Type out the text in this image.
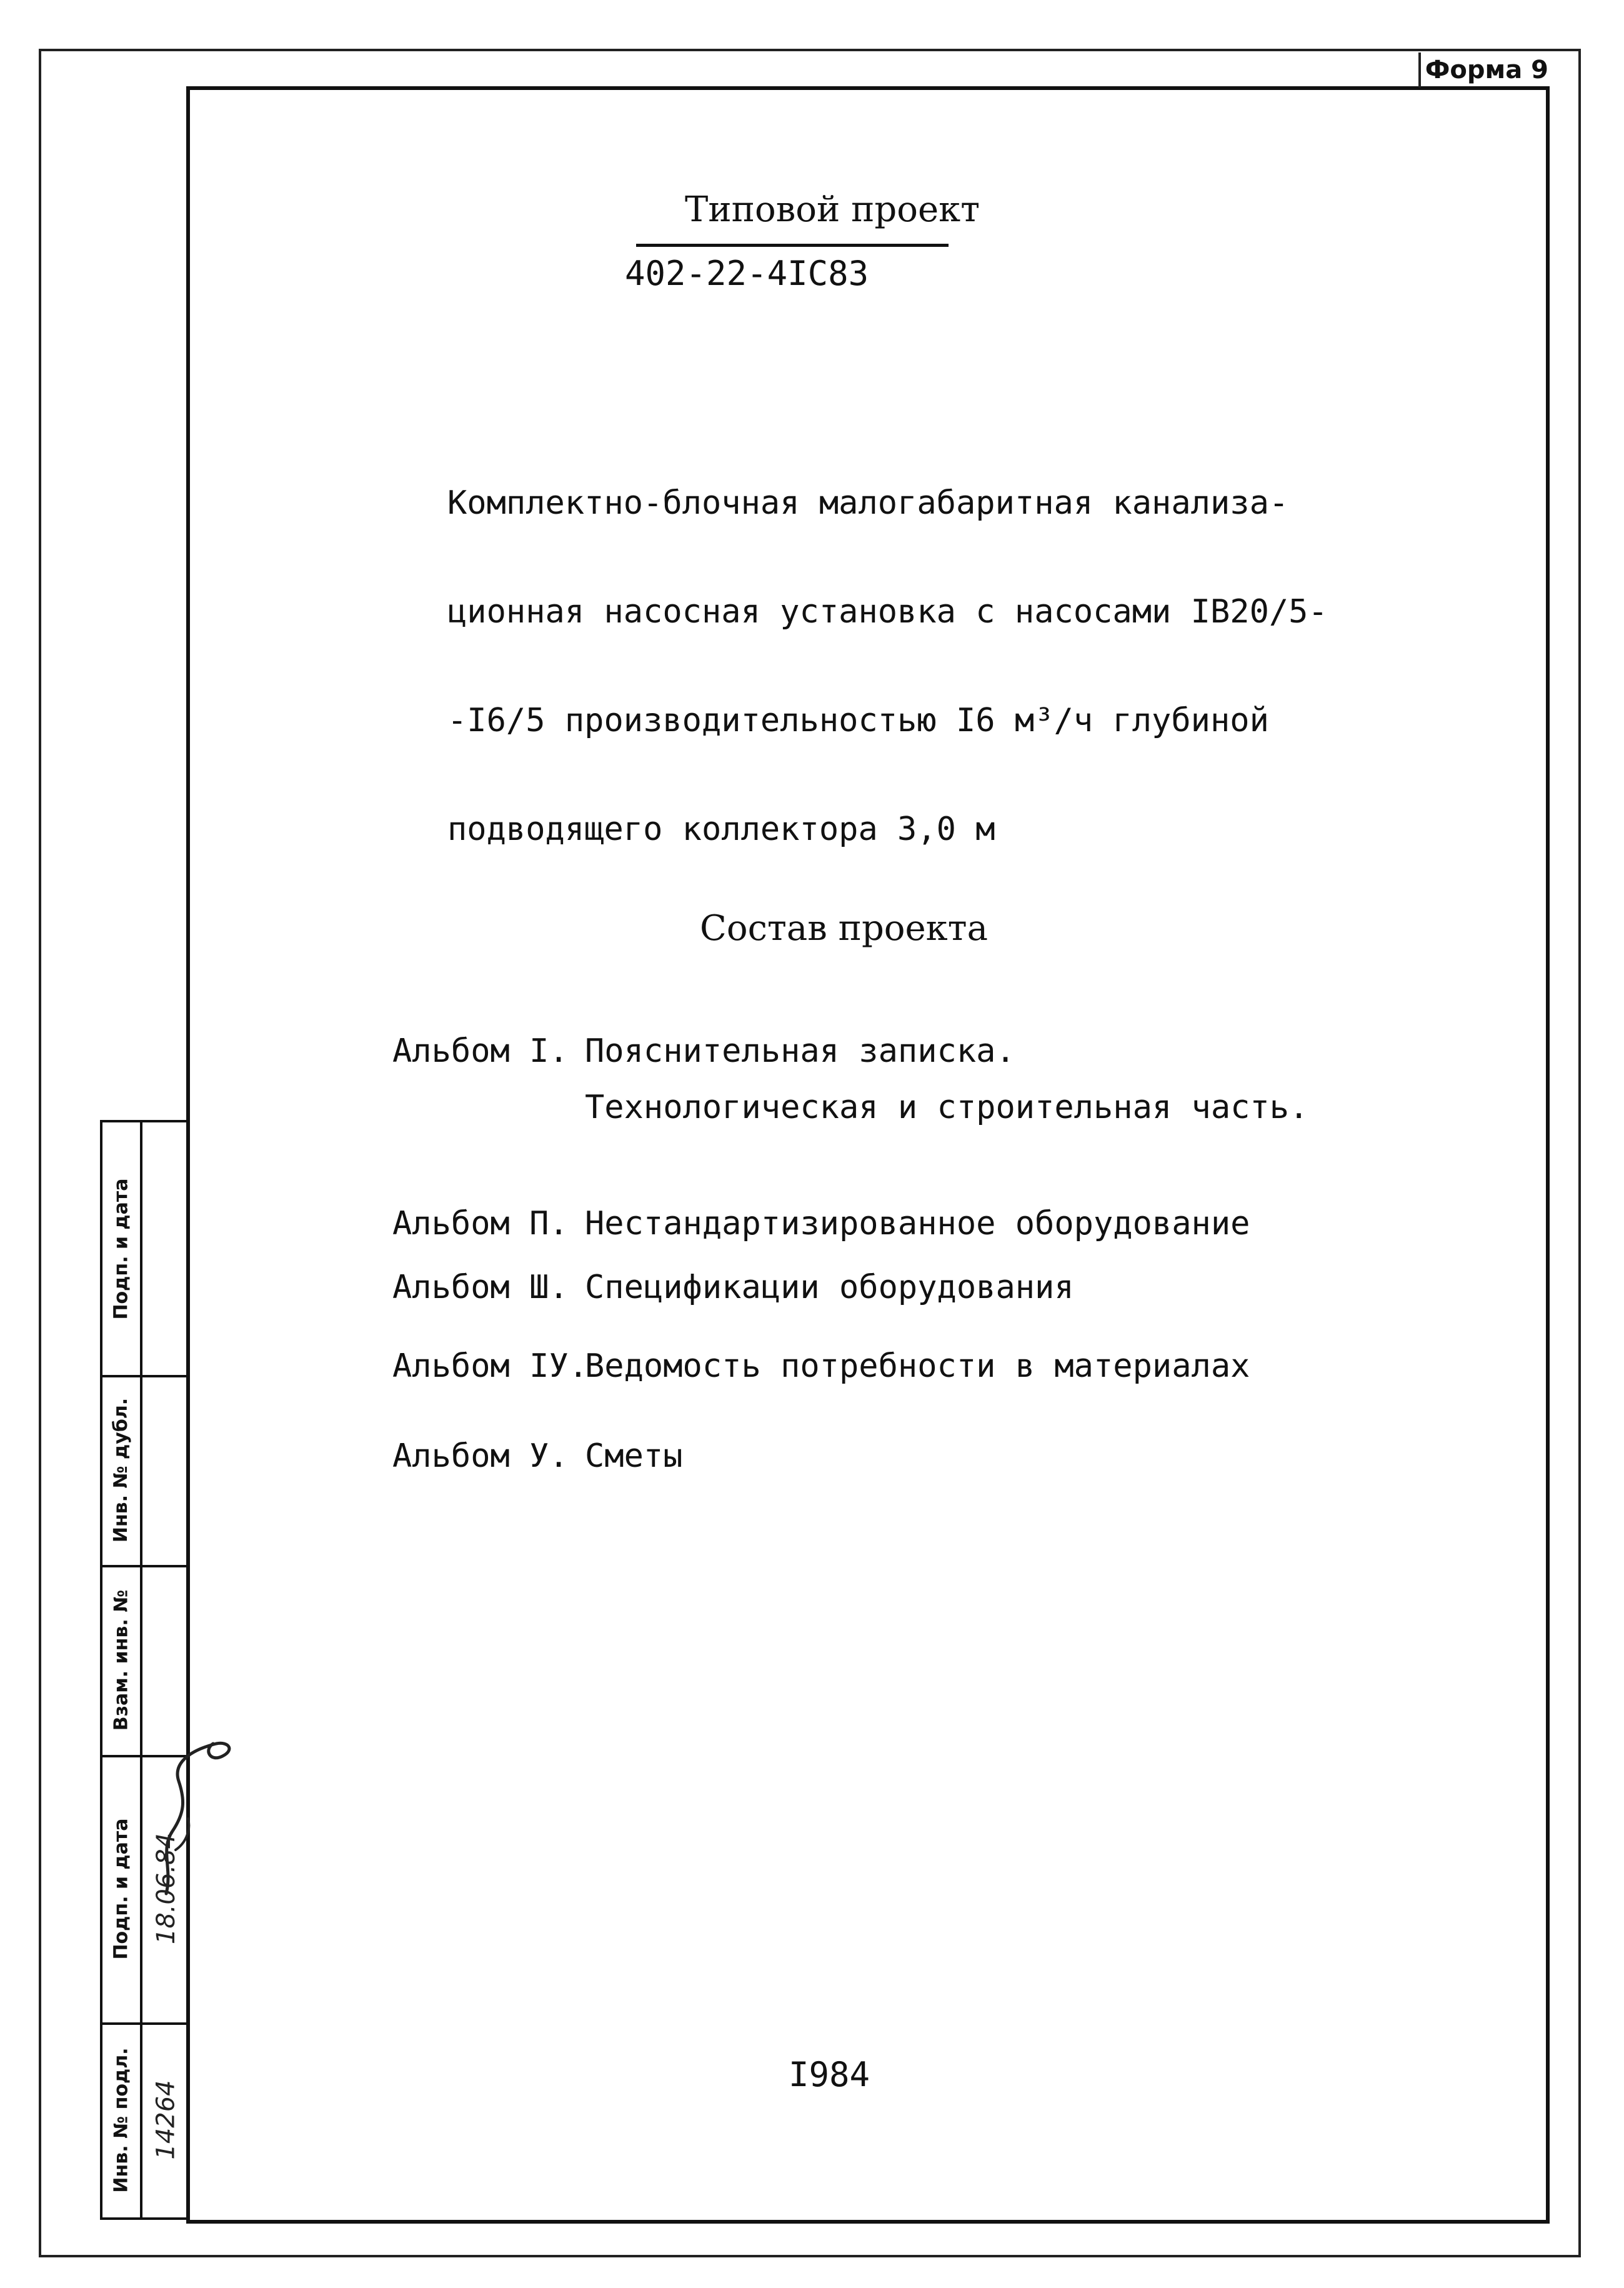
Форма 9
Типовой проект
402-22-4IC83

Комплектно-блочная малогабаритная канализа-

ционная насосная установка с насосами IB20/5-

-I6/5 производительностью I6 м³/ч глубиной

подводящего коллектора 3,0 м

Состав проекта
Альбом I. Пояснительная записка.
Технологическая и строительная часть.
Альбом П. Нестандартизированное оборудование
Альбом Ш. Спецификации оборудования
Альбом IУ.
Ведомость потребности в материалах
Альбом У. Сметы
I984
Подп. и дата
Инв. № дубл.
Взам. инв. №
Подп. и дата
Инв. № подл.
18.06.84
14264
